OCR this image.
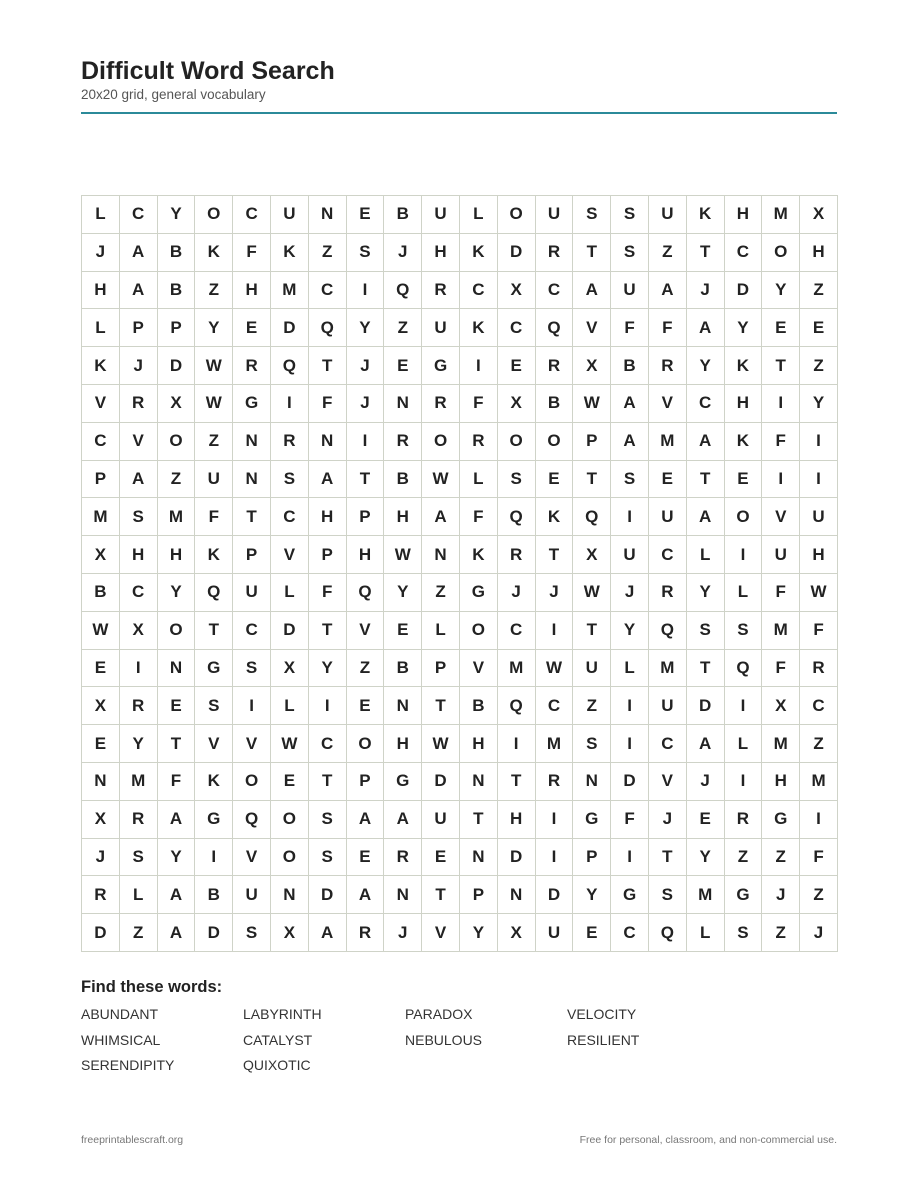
Difficult Word Search
20x20 grid, general vocabulary
L	C	Y	O	C	U	N	E	B	U	L	O	U	S	S	U	K	H	M	X
J	A	B	K	F	K	Z	S	J	H	K	D	R	T	S	Z	T	C	O	H
H	A	B	Z	H	M	C	I	Q	R	C	X	C	A	U	A	J	D	Y	Z
L	P	P	Y	E	D	Q	Y	Z	U	K	C	Q	V	F	F	A	Y	E	E
K	J	D	W	R	Q	T	J	E	G	I	E	R	X	B	R	Y	K	T	Z
V	R	X	W	G	I	F	J	N	R	F	X	B	W	A	V	C	H	I	Y
C	V	O	Z	N	R	N	I	R	O	R	O	O	P	A	M	A	K	F	I
P	A	Z	U	N	S	A	T	B	W	L	S	E	T	S	E	T	E	I	I
M	S	M	F	T	C	H	P	H	A	F	Q	K	Q	I	U	A	O	V	U
X	H	H	K	P	V	P	H	W	N	K	R	T	X	U	C	L	I	U	H
B	C	Y	Q	U	L	F	Q	Y	Z	G	J	J	W	J	R	Y	L	F	W
W	X	O	T	C	D	T	V	E	L	O	C	I	T	Y	Q	S	S	M	F
E	I	N	G	S	X	Y	Z	B	P	V	M	W	U	L	M	T	Q	F	R
X	R	E	S	I	L	I	E	N	T	B	Q	C	Z	I	U	D	I	X	C
E	Y	T	V	V	W	C	O	H	W	H	I	M	S	I	C	A	L	M	Z
N	M	F	K	O	E	T	P	G	D	N	T	R	N	D	V	J	I	H	M
X	R	A	G	Q	O	S	A	A	U	T	H	I	G	F	J	E	R	G	I
J	S	Y	I	V	O	S	E	R	E	N	D	I	P	I	T	Y	Z	Z	F
R	L	A	B	U	N	D	A	N	T	P	N	D	Y	G	S	M	G	J	Z
D	Z	A	D	S	X	A	R	J	V	Y	X	U	E	C	Q	L	S	Z	J
Find these words:
ABUNDANT	LABYRINTH	PARADOX	VELOCITY
WHIMSICAL	CATALYST	NEBULOUS	RESILIENT
SERENDIPITY	QUIXOTIC
freeprintablescraft.org	Free for personal, classroom, and non-commercial use.
